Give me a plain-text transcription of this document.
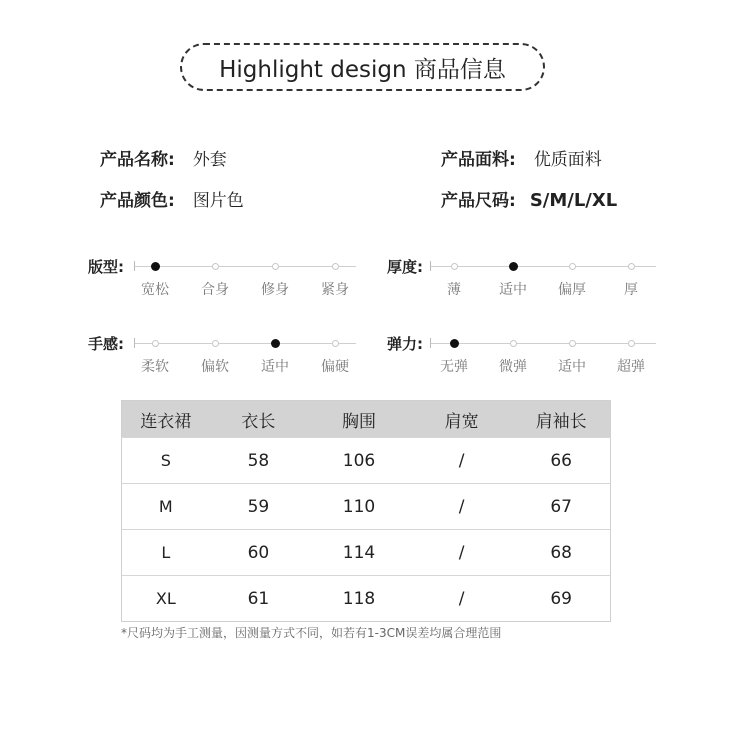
Highlight design 商品信息
产品名称: 外套	产品面料: 优质面料
产品颜色: 图片色	产品尺码: S/M/L/XL
版型:
宽松 合身 修身 紧身
厚度:
薄	适中 偏厚	厚
手感:
柔软 偏软 适中 偏硬
弹力:
无弹 微弹 适中 超弹
连衣裙	衣长	胸围	肩宽	肩袖长
S	58	106	/	66
M	59	110	/	67
L	60	114	/	68
XL	61	118	/	69
*尺码均为手工测量，因测量方式不同，如若有1-3CM误差均属合理范围
